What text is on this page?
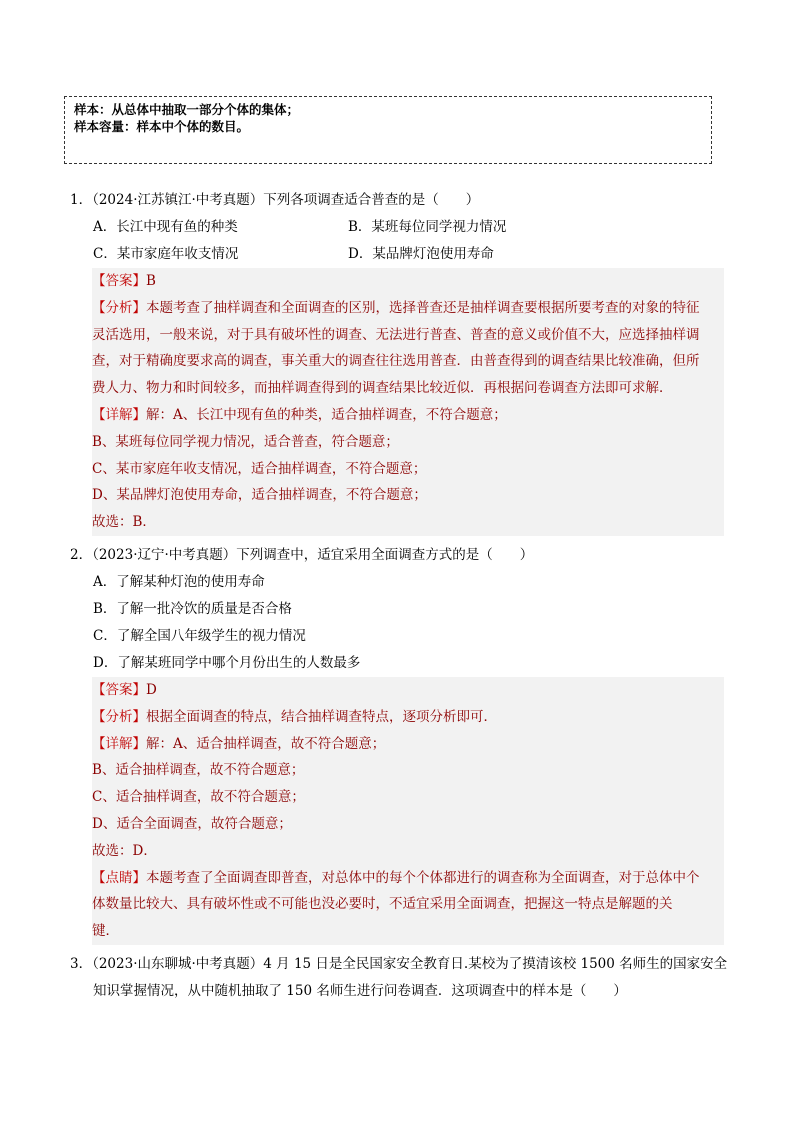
样本：从总体中抽取一部分个体的集体；
样本容量：样本中个体的数目。
1．（2024·江苏镇江·中考真题）下列各项调查适合普查的是（　　）
A．长江中现有鱼的种类	B．某班每位同学视力情况
C．某市家庭年收支情况	D．某品牌灯泡使用寿命
【答案】B
【分析】本题考查了抽样调查和全面调查的区别，选择普查还是抽样调查要根据所要考查的对象的特征
灵活选用，一般来说，对于具有破坏性的调查、无法进行普查、普查的意义或价值不大，应选择抽样调
查，对于精确度要求高的调查，事关重大的调查往往选用普查．由普查得到的调查结果比较准确，但所
费人力、物力和时间较多，而抽样调查得到的调查结果比较近似．再根据问卷调查方法即可求解．
【详解】解：A、长江中现有鱼的种类，适合抽样调查，不符合题意；
B、某班每位同学视力情况，适合普查，符合题意；
C、某市家庭年收支情况，适合抽样调查，不符合题意；
D、某品牌灯泡使用寿命，适合抽样调查，不符合题意；
故选：B．
2．（2023·辽宁·中考真题）下列调查中，适宜采用全面调查方式的是（　　）
A．了解某种灯泡的使用寿命
B．了解一批冷饮的质量是否合格
C．了解全国八年级学生的视力情况
D．了解某班同学中哪个月份出生的人数最多
【答案】D
【分析】根据全面调查的特点，结合抽样调查特点，逐项分析即可．
【详解】解：A、适合抽样调查，故不符合题意；
B、适合抽样调查，故不符合题意；
C、适合抽样调查，故不符合题意；
D、适合全面调查，故符合题意；
故选：D．
【点睛】本题考查了全面调查即普查，对总体中的每个个体都进行的调查称为全面调查，对于总体中个
体数量比较大、具有破坏性或不可能也没必要时，不适宜采用全面调查，把握这一特点是解题的关
键．
3．（2023·山东聊城·中考真题）4 月 15 日是全民国家安全教育日.某校为了摸清该校 1500 名师生的国家安全
知识掌握情况，从中随机抽取了 150 名师生进行问卷调查．这项调查中的样本是（　　）
